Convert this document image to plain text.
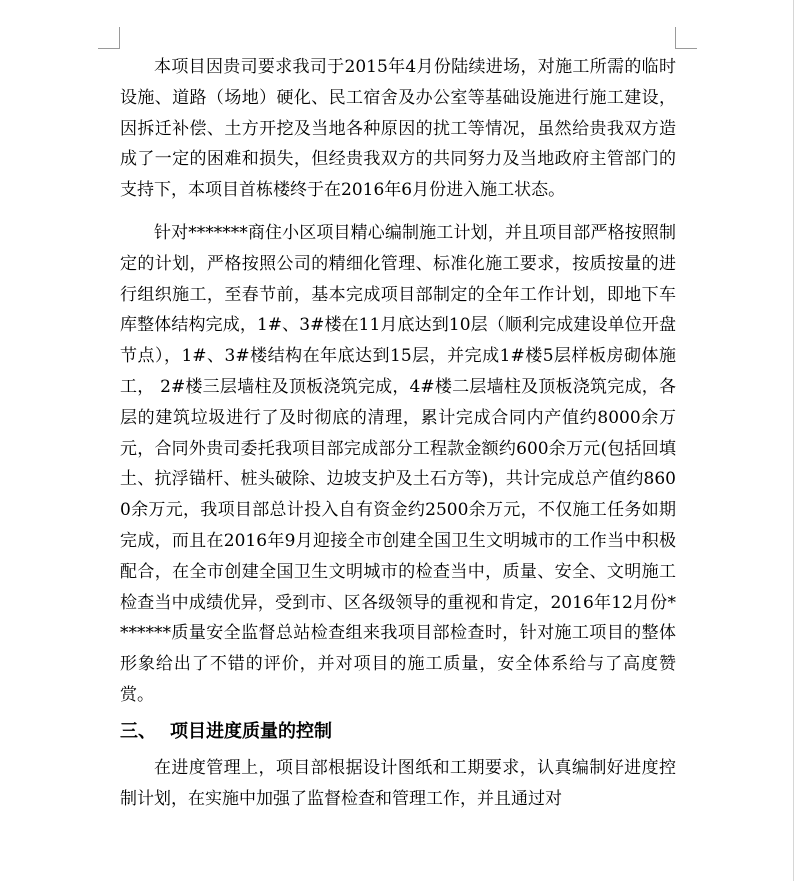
本项目因贵司要求我司于2015年4月份陆续进场，对施工所需的临时设施、道路（场地）硬化、民工宿舍及办公室等基础设施进行施工建设，因拆迁补偿、土方开挖及当地各种原因的扰工等情况，虽然给贵我双方造成了一定的困难和损失，但经贵我双方的共同努力及当地政府主管部门的支持下，本项目首栋楼终于在2016年6月份进入施工状态。

针对*******商住小区项目精心编制施工计划，并且项目部严格按照制定的计划，严格按照公司的精细化管理、标准化施工要求，按质按量的进行组织施工，至春节前，基本完成项目部制定的全年工作计划，即地下车库整体结构完成，1#、3#楼在11月底达到10层（顺利完成建设单位开盘节点），1#、3#楼结构在年底达到15层，并完成1#楼5层样板房砌体施工， 2#楼三层墙柱及顶板浇筑完成，4#楼二层墙柱及顶板浇筑完成，各层的建筑垃圾进行了及时彻底的清理，累计完成合同内产值约8000余万元，合同外贵司委托我项目部完成部分工程款金额约600余万元(包括回填土、抗浮锚杆、桩头破除、边坡支护及土石方等)，共计完成总产值约8600余万元，我项目部总计投入自有资金约2500余万元，不仅施工任务如期完成，而且在2016年9月迎接全市创建全国卫生文明城市的工作当中积极配合，在全市创建全国卫生文明城市的检查当中，质量、安全、文明施工检查当中成绩优异，受到市、区各级领导的重视和肯定，2016年12月份*******质量安全监督总站检查组来我项目部检查时，针对施工项目的整体形象给出了不错的评价，并对项目的施工质量，安全体系给与了高度赞赏。

三、 项目进度质量的控制

在进度管理上，项目部根据设计图纸和工期要求，认真编制好进度控制计划，在实施中加强了监督检查和管理工作，并且通过对
